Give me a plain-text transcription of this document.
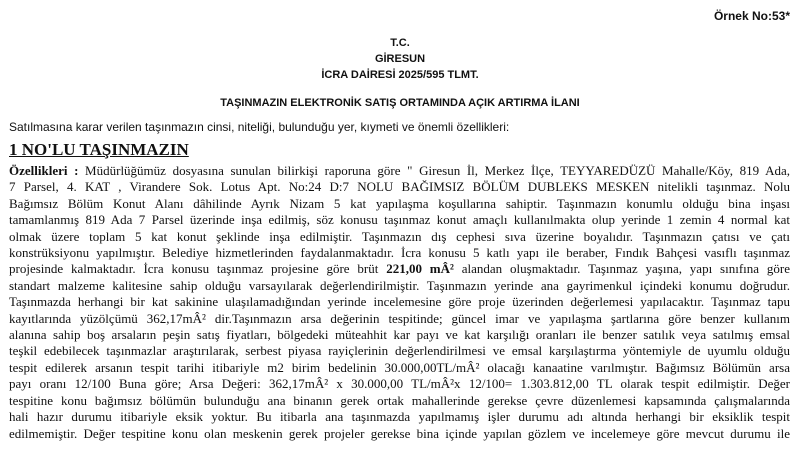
Örnek No:53*
T.C.
GİRESUN
İCRA DAİRESİ 2025/595 TLMT.
TAŞINMAZIN ELEKTRONİK SATIŞ ORTAMINDA AÇIK ARTIRMA İLANI
Satılmasına karar verilen taşınmazın cinsi, niteliği, bulunduğu yer, kıymeti ve önemli özellikleri:
1 NO'LU TAŞINMAZIN
Özellikleri : Müdürlüğümüz dosyasına sunulan bilirkişi raporuna göre " Giresun İl, Merkez İlçe, TEYYAREDÜZÜ Mahalle/Köy, 819 Ada,
7 Parsel, 4. KAT , Virandere Sok. Lotus Apt. No:24 D:7 NOLU BAĞIMSIZ BÖLÜM DUBLEKS MESKEN nitelikli taşınmaz. Nolu
Bağımsız Bölüm Konut Alanı dâhilinde Ayrık Nizam 5 kat yapılaşma koşullarına sahiptir. Taşınmazın konumlu olduğu bina inşası
tamamlanmış 819 Ada 7 Parsel üzerinde inşa edilmiş, söz konusu taşınmaz konut amaçlı kullanılmakta olup yerinde 1 zemin 4 normal kat
olmak üzere toplam 5 kat konut şeklinde inşa edilmiştir. Taşınmazın dış cephesi sıva üzerine boyalıdır. Taşınmazın çatısı ve çatı
konstrüksiyonu yapılmıştır. Belediye hizmetlerinden faydalanmaktadır. İcra konusu 5 katlı yapı ile beraber, Fındık Bahçesi vasıflı taşınmaz
projesinde kalmaktadır. İcra konusu taşınmaz projesine göre brüt 221,00 mÂ² alandan oluşmaktadır. Taşınmaz yaşına, yapı sınıfına göre
standart malzeme kalitesine sahip olduğu varsayılarak değerlendirilmiştir. Taşınmazın yerinde ana gayrimenkul içindeki konumu doğrudur.
Taşınmazda herhangi bir kat sakinine ulaşılamadığından yerinde incelemesine göre proje üzerinden değerlemesi yapılacaktır. Taşınmaz tapu
kayıtlarında yüzölçümü 362,17mÂ² dir.Taşınmazın arsa değerinin tespitinde; güncel imar ve yapılaşma şartlarına göre benzer kullanım
alanına sahip boş arsaların peşin satış fiyatları, bölgedeki müteahhit kar payı ve kat karşılığı oranları ile benzer satılık veya satılmış emsal
teşkil edebilecek taşınmazlar araştırılarak, serbest piyasa rayiçlerinin değerlendirilmesi ve emsal karşılaştırma yöntemiyle de uyumlu olduğu
tespit edilerek arsanın tespit tarihi itibariyle m2 birim bedelinin 30.000,00TL/mÂ² olacağı kanaatine varılmıştır. Bağımsız Bölümün arsa
payı oranı 12/100 Buna göre; Arsa Değeri: 362,17mÂ² x 30.000,00 TL/mÂ²x 12/100= 1.303.812,00 TL olarak tespit edilmiştir. Değer
tespitine konu bağımsız bölümün bulunduğu ana binanın gerek ortak mahallerinde gerekse çevre düzenlemesi kapsamında çalışmalarında
hali hazır durumu itibariyle eksik yoktur. Bu itibarla ana taşınmazda yapılmamış işler durumu adı altında herhangi bir eksiklik tespit
edilmemiştir. Değer tespitine konu olan meskenin gerek projeler gerekse bina içinde yapılan gözlem ve incelemeye göre mevcut durumu ile
